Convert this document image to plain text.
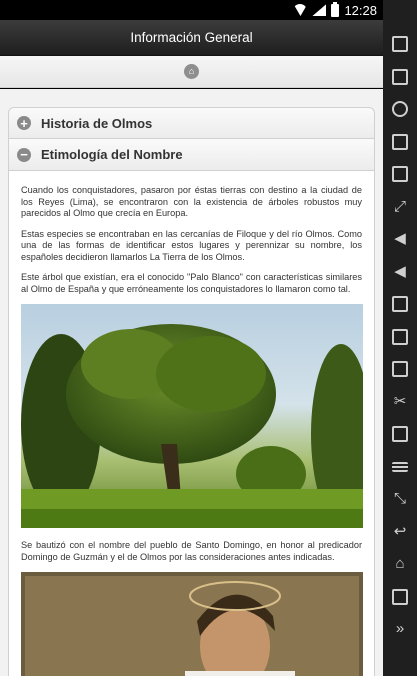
12:28
Información General
⌂
+ Historia de Olmos
− Etimología del Nombre

Cuando los conquistadores, pasaron por éstas tierras con destino a la ciudad de los Reyes (Lima), se encontraron con la existencia de árboles robustos muy parecidos al Olmo que crecía en Europa.

Estas especies se encontraban en las cercanías de Filoque y del río Olmos. Como una de las formas de identificar estos lugares y perennizar su nombre, los españoles decidieron llamarlos La Tierra de los Olmos.

Este árbol que existían, era el conocido "Palo Blanco" con características similares al Olmo de España y que erróneamente los conquistadores lo llamaron como tal.

Se bautizó con el nombre del pueblo de Santo Domingo, en honor al predicador Domingo de Guzmán y el de Olmos por las consideraciones antes indicadas.

⤢
◀
◀
✂
⤡
↩
⌂
»
